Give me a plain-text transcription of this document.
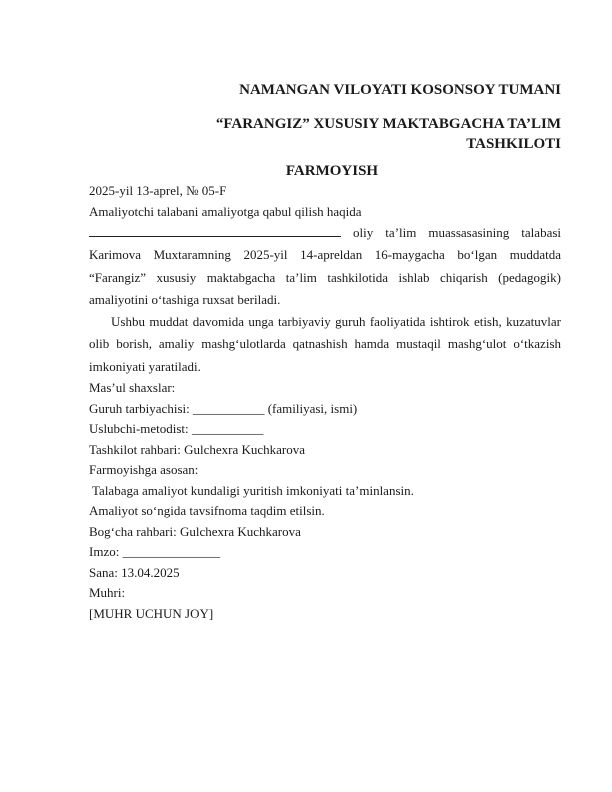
NAMANGAN VILOYATI KOSONSOY TUMANI
“FARANGIZ” XUSUSIY MAKTABGACHA TA’LIM
TASHKILOTI
FARMOYISH
2025-yil 13-aprel, № 05-F
Amaliyotchi talabani amaliyotga qabul qilish haqida
oliy ta’lim muassasasining talabasi Karimova Muxtaramning 2025-yil 14-apreldan 16-maygacha bo‘lgan muddatda “Farangiz” xususiy maktabgacha ta’lim tashkilotida ishlab chiqarish (pedagogik) amaliyotini o‘tashiga ruxsat beriladi.
Ushbu muddat davomida unga tarbiyaviy guruh faoliyatida ishtirok etish, kuzatuvlar olib borish, amaliy mashg‘ulotlarda qatnashish hamda mustaqil mashg‘ulot o‘tkazish imkoniyati yaratiladi.
Mas’ul shaxslar:
Guruh tarbiyachisi: ___________ (familiyasi, ismi)
Uslubchi-metodist: ___________
Tashkilot rahbari: Gulchexra Kuchkarova
Farmoyishga asosan:
Talabaga amaliyot kundaligi yuritish imkoniyati ta’minlansin.
Amaliyot so‘ngida tavsifnoma taqdim etilsin.
Bog‘cha rahbari: Gulchexra Kuchkarova
Imzo: _______________
Sana: 13.04.2025
Muhri:
[MUHR UCHUN JOY]
